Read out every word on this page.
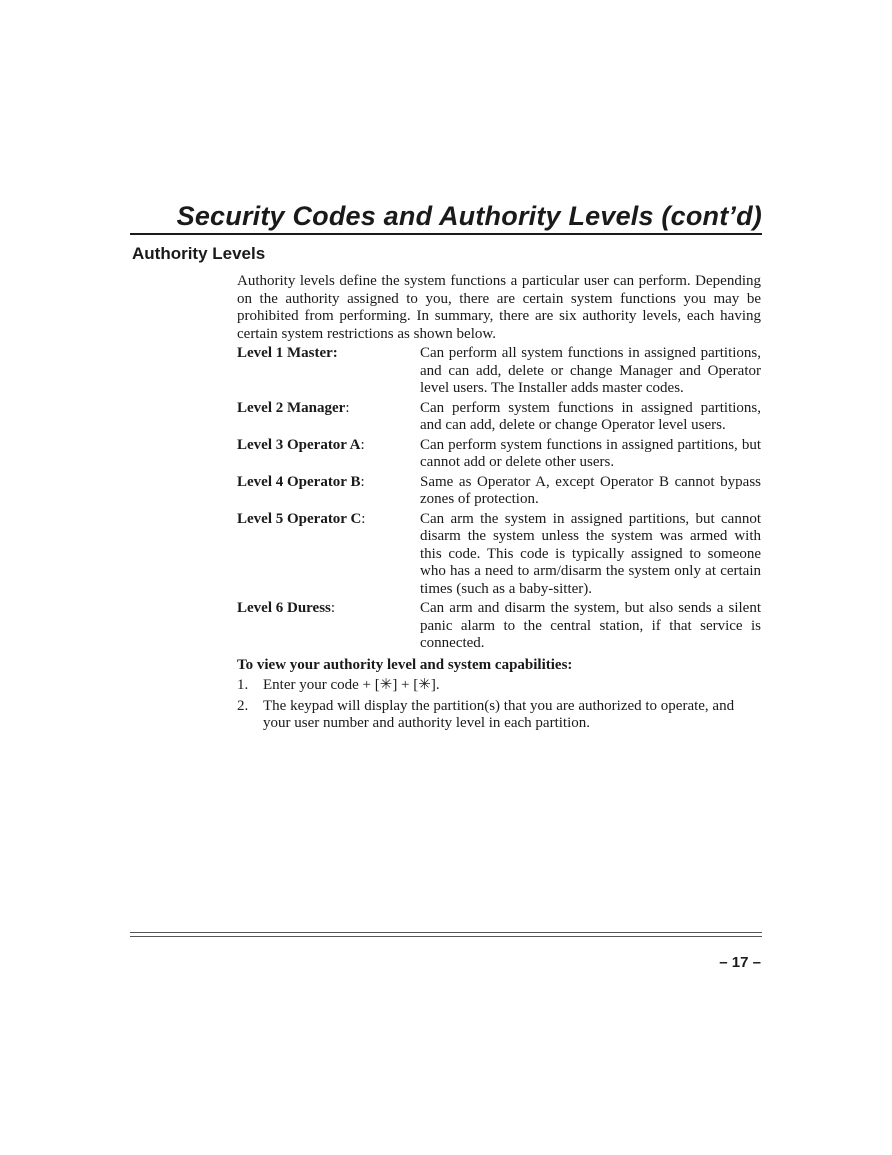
Security Codes and Authority Levels (cont’d)
Authority Levels

Authority levels define the system functions a particular user can perform. Depending on the authority assigned to you, there are certain system functions you may be prohibited from performing. In summary, there are six authority levels, each having certain system restrictions as shown below.

Level 1 Master:	Can perform all system functions in assigned partitions, and can add, delete or change Manager and Operator level users. The Installer adds master codes.

Level 2 Manager:	Can perform system functions in assigned partitions, and can add, delete or change Operator level users.

Level 3 Operator A:	Can perform system functions in assigned partitions, but cannot add or delete other users.

Level 4 Operator B:	Same as Operator A, except Operator B cannot bypass zones of protection.

Level 5 Operator C:	Can arm the system in assigned partitions, but cannot disarm the system unless the system was armed with this code. This code is typically assigned to someone who has a need to arm/disarm the system only at certain times (such as a baby-sitter).

Level 6 Duress:	Can arm and disarm the system, but also sends a silent panic alarm to the central station, if that service is connected.

To view your authority level and system capabilities:
1. Enter your code + [✳] + [✳].
2. The keypad will display the partition(s) that you are authorized to operate, and your user number and authority level in each partition.
– 17 –
